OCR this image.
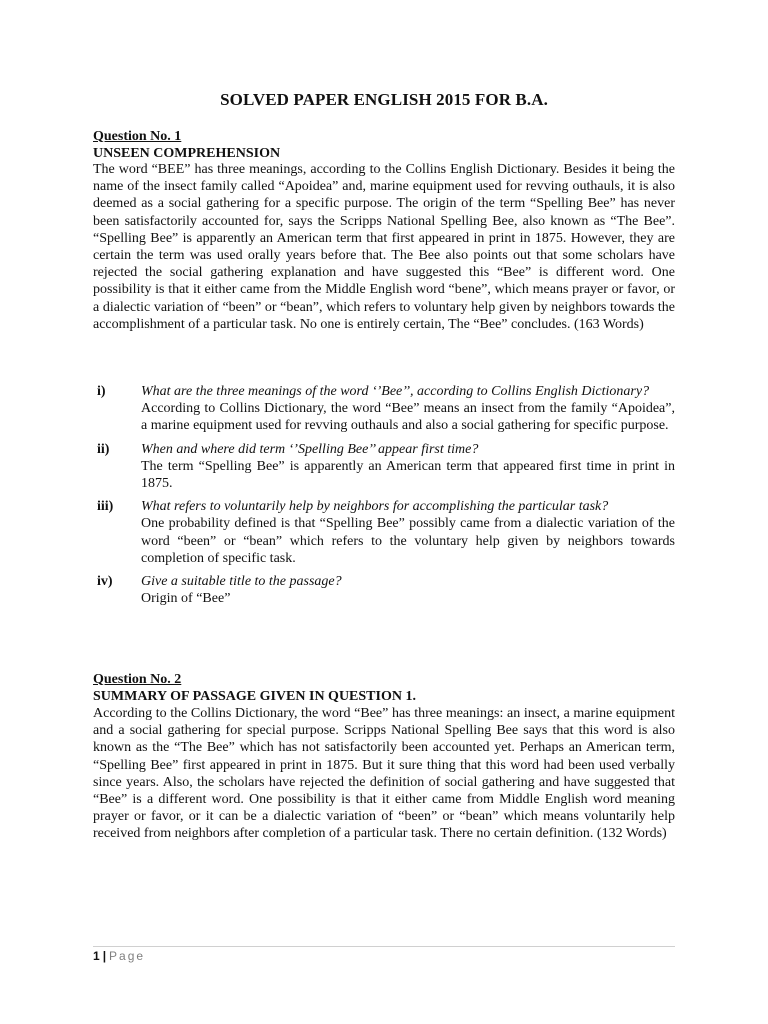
SOLVED PAPER ENGLISH 2015 FOR B.A.
Question No. 1
UNSEEN COMPREHENSION

The word “BEE” has three meanings, according to the Collins English Dictionary. Besides it being the name of the insect family called “Apoidea” and, marine equipment used for revving outhauls, it is also deemed as a social gathering for a specific purpose. The origin of the term “Spelling Bee” has never been satisfactorily accounted for, says the Scripps National Spelling Bee, also known as “The Bee”. “Spelling Bee” is apparently an American term that first appeared in print in 1875. However, they are certain the term was used orally years before that. The Bee also points out that some scholars have rejected the social gathering explanation and have suggested this “Bee” is different word. One possibility is that it either came from the Middle English word “bene”, which means prayer or favor, or a dialectic variation of “been” or “bean”, which refers to voluntary help given by neighbors towards the accomplishment of a particular task. No one is entirely certain, The “Bee” concludes. (163 Words)

i)	What are the three meanings of the word ‘’Bee’’, according to Collins English Dictionary?
According to Collins Dictionary, the word “Bee” means an insect from the family “Apoidea”, a marine equipment used for revving outhauls and also a social gathering for specific purpose.
ii)	When and where did term ‘’Spelling Bee’’ appear first time?
The term “Spelling Bee” is apparently an American term that appeared first time in print in 1875.
iii)	What refers to voluntarily help by neighbors for accomplishing the particular task?
One probability defined is that “Spelling Bee” possibly came from a dialectic variation of the word “been” or “bean” which refers to the voluntary help given by neighbors towards completion of specific task.
iv)	Give a suitable title to the passage?
Origin of “Bee”
Question No. 2
SUMMARY OF PASSAGE GIVEN IN QUESTION 1.

According to the Collins Dictionary, the word “Bee” has three meanings: an insect, a marine equipment and a social gathering for special purpose. Scripps National Spelling Bee says that this word is also known as the “The Bee” which has not satisfactorily been accounted yet. Perhaps an American term, “Spelling Bee” first appeared in print in 1875. But it sure thing that this word had been used verbally since years. Also, the scholars have rejected the definition of social gathering and have suggested that “Bee” is a different word. One possibility is that it either came from Middle English word meaning prayer or favor, or it can be a dialectic variation of “been” or “bean” which means voluntarily help received from neighbors after completion of a particular task. There no certain definition. (132 Words)

1 | Page
